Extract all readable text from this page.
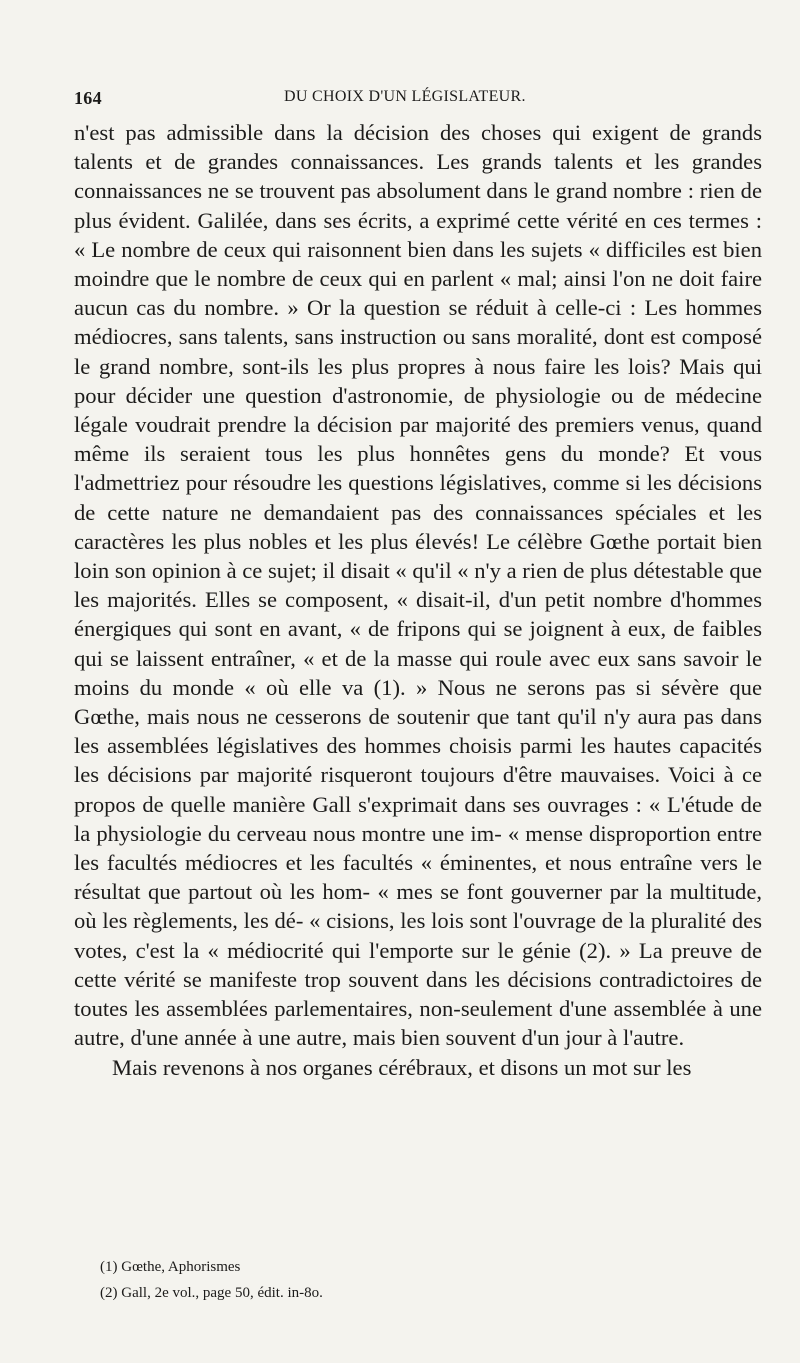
164	DU CHOIX D'UN LÉGISLATEUR.

n'est pas admissible dans la décision des choses qui exigent de grands talents et de grandes connaissances. Les grands talents et les grandes connaissances ne se trouvent pas absolument dans le grand nombre : rien de plus évident. Galilée, dans ses écrits, a exprimé cette vérité en ces termes : « Le nombre de ceux qui raisonnent bien dans les sujets « difficiles est bien moindre que le nombre de ceux qui en parlent « mal; ainsi l'on ne doit faire aucun cas du nombre. » Or la question se réduit à celle-ci : Les hommes médiocres, sans talents, sans instruction ou sans moralité, dont est composé le grand nombre, sont-ils les plus propres à nous faire les lois? Mais qui pour décider une question d'astronomie, de physiologie ou de médecine légale voudrait prendre la décision par majorité des premiers venus, quand même ils seraient tous les plus honnêtes gens du monde? Et vous l'admettriez pour résoudre les questions législatives, comme si les décisions de cette nature ne demandaient pas des connaissances spéciales et les caractères les plus nobles et les plus élevés! Le célèbre Gœthe portait bien loin son opinion à ce sujet; il disait « qu'il « n'y a rien de plus détestable que les majorités. Elles se composent, « disait-il, d'un petit nombre d'hommes énergiques qui sont en avant, « de fripons qui se joignent à eux, de faibles qui se laissent entraîner, « et de la masse qui roule avec eux sans savoir le moins du monde « où elle va (1). » Nous ne serons pas si sévère que Gœthe, mais nous ne cesserons de soutenir que tant qu'il n'y aura pas dans les assemblées législatives des hommes choisis parmi les hautes capacités les décisions par majorité risqueront toujours d'être mauvaises. Voici à ce propos de quelle manière Gall s'exprimait dans ses ouvrages : « L'étude de la physiologie du cerveau nous montre une im- « mense disproportion entre les facultés médiocres et les facultés « éminentes, et nous entraîne vers le résultat que partout où les hom- « mes se font gouverner par la multitude, où les règlements, les dé- « cisions, les lois sont l'ouvrage de la pluralité des votes, c'est la « médiocrité qui l'emporte sur le génie (2). » La preuve de cette vérité se manifeste trop souvent dans les décisions contradictoires de toutes les assemblées parlementaires, non-seulement d'une assemblée à une autre, d'une année à une autre, mais bien souvent d'un jour à l'autre.

Mais revenons à nos organes cérébraux, et disons un mot sur les

(1) Gœthe, Aphorismes
(2) Gall, 2e vol., page 50, édit. in-8o.
